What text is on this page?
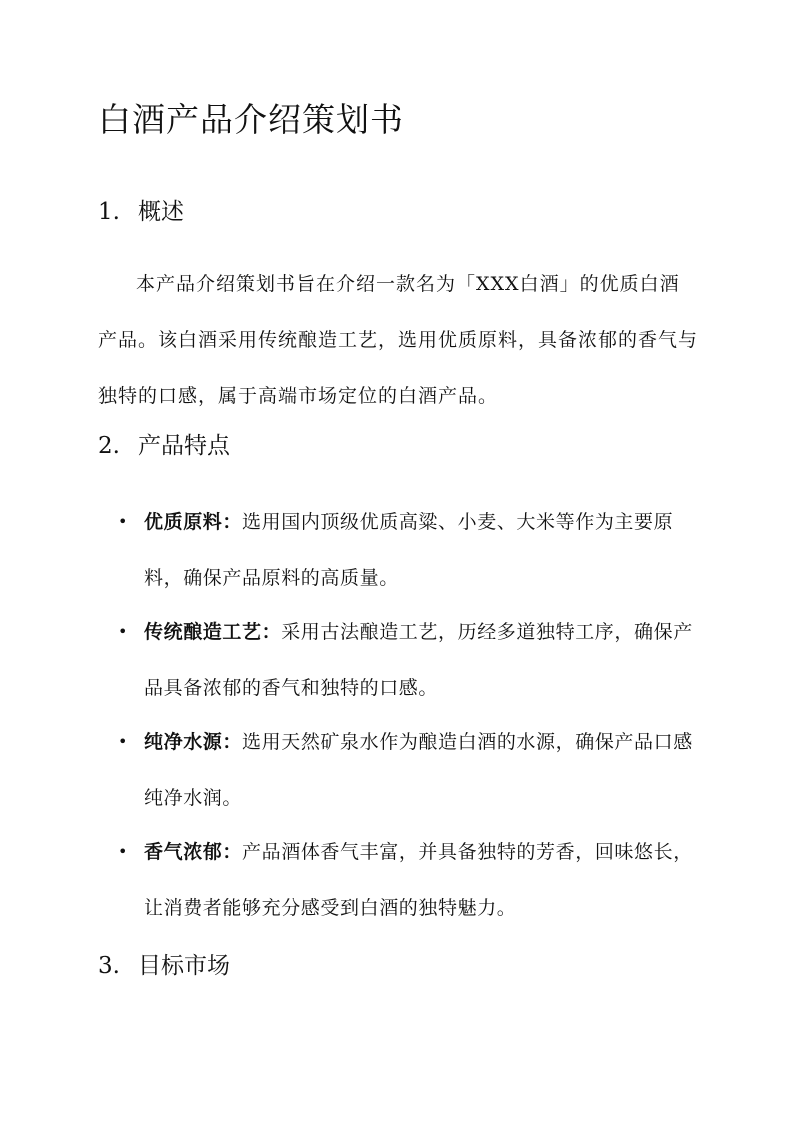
白酒产品介绍策划书
1. 概述

本产品介绍策划书旨在介绍一款名为「XXX白酒」的优质白酒产品。该白酒采用传统酿造工艺，选用优质原料，具备浓郁的香气与独特的口感，属于高端市场定位的白酒产品。

2. 产品特点
• 优质原料：选用国内顶级优质高粱、小麦、大米等作为主要原料，确保产品原料的高质量。
• 传统酿造工艺：采用古法酿造工艺，历经多道独特工序，确保产品具备浓郁的香气和独特的口感。
• 纯净水源：选用天然矿泉水作为酿造白酒的水源，确保产品口感纯净水润。
• 香气浓郁：产品酒体香气丰富，并具备独特的芳香，回味悠长，让消费者能够充分感受到白酒的独特魅力。
3. 目标市场
